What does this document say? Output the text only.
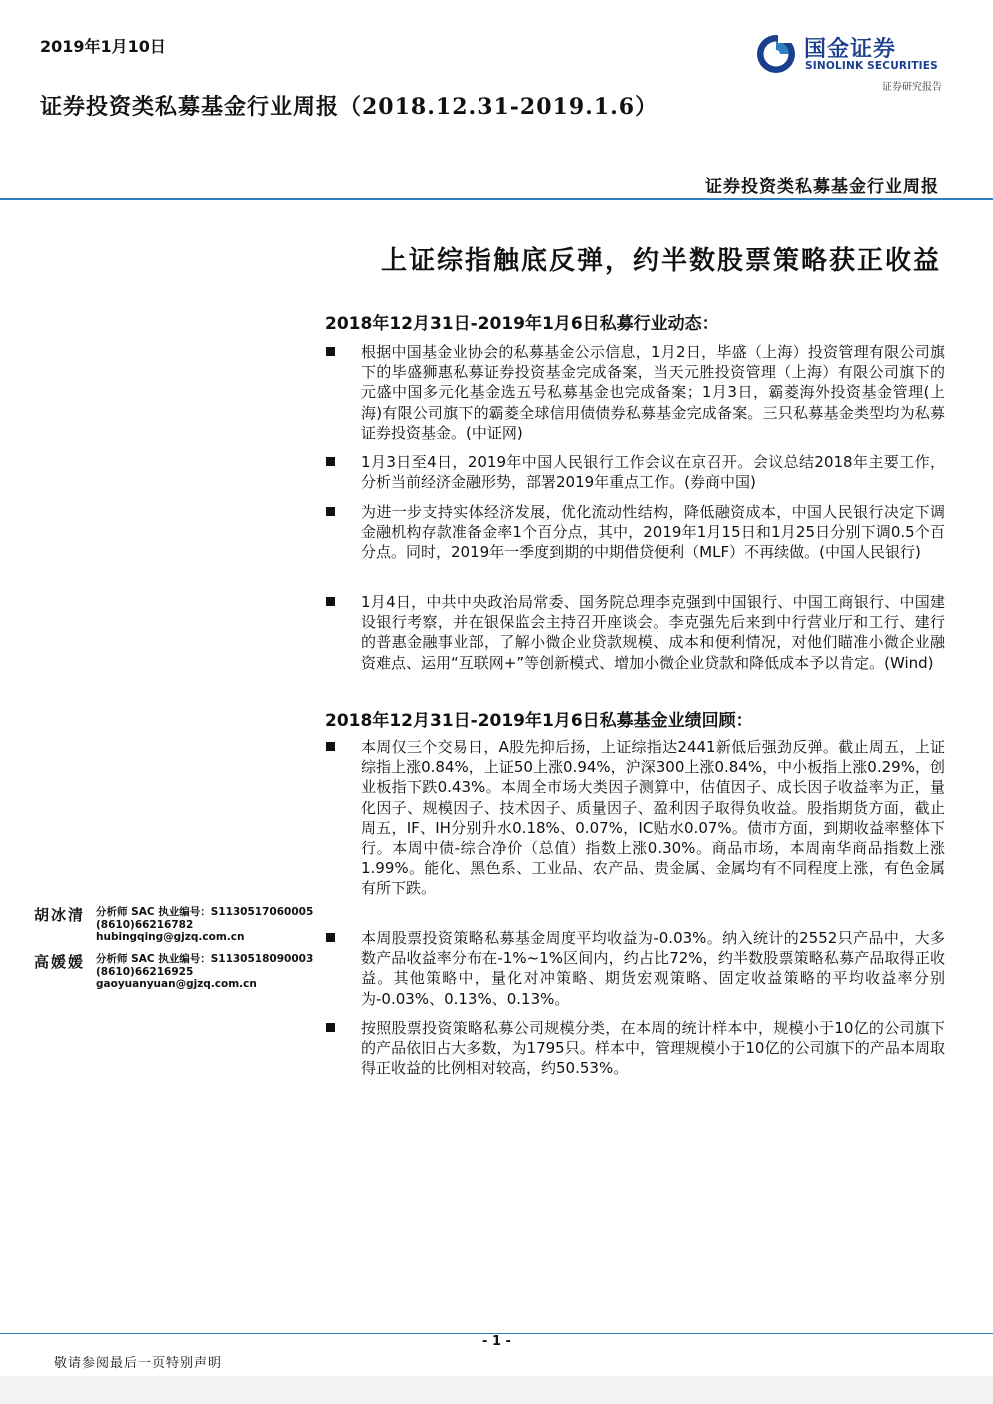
2019年1月10日
证券投资类私募基金行业周报（2018.12.31-2019.1.6）
国金证券
SINOLINK SECURITIES
证券研究报告
证券投资类私募基金行业周报
上证综指触底反弹，约半数股票策略获正收益
2018年12月31日-2019年1月6日私募行业动态：
根据中国基金业协会的私募基金公示信息，1月2日，毕盛（上海）投资管理有限公司旗下的毕盛狮惠私募证券投资基金完成备案，当天元胜投资管理（上海）有限公司旗下的元盛中国多元化基金选五号私募基金也完成备案；1月3日，霸菱海外投资基金管理(上海)有限公司旗下的霸菱全球信用债债券私募基金完成备案。三只私募基金类型均为私募证券投资基金。(中证网)
1月3日至4日，2019年中国人民银行工作会议在京召开。会议总结2018年主要工作，分析当前经济金融形势，部署2019年重点工作。(券商中国)
为进一步支持实体经济发展，优化流动性结构，降低融资成本，中国人民银行决定下调金融机构存款准备金率1个百分点，其中，2019年1月15日和1月25日分别下调0.5个百分点。同时，2019年一季度到期的中期借贷便利（MLF）不再续做。(中国人民银行)
1月4日，中共中央政治局常委、国务院总理李克强到中国银行、中国工商银行、中国建设银行考察，并在银保监会主持召开座谈会。李克强先后来到中行营业厅和工行、建行的普惠金融事业部，了解小微企业贷款规模、成本和便利情况，对他们瞄准小微企业融资难点、运用“互联网+”等创新模式、增加小微企业贷款和降低成本予以肯定。(Wind)
2018年12月31日-2019年1月6日私募基金业绩回顾：
本周仅三个交易日，A股先抑后扬，上证综指达2441新低后强劲反弹。截止周五，上证综指上涨0.84%，上证50上涨0.94%，沪深300上涨0.84%，中小板指上涨0.29%，创业板指下跌0.43%。本周全市场大类因子测算中，估值因子、成长因子收益率为正，量化因子、规模因子、技术因子、质量因子、盈利因子取得负收益。股指期货方面，截止周五，IF、IH分别升水0.18%、0.07%，IC贴水0.07%。债市方面，到期收益率整体下行。本周中债-综合净价（总值）指数上涨0.30%。商品市场，本周南华商品指数上涨1.99%。能化、黑色系、工业品、农产品、贵金属、金属均有不同程度上涨，有色金属有所下跌。
本周股票投资策略私募基金周度平均收益为-0.03%。纳入统计的2552只产品中，大多数产品收益率分布在-1%~1%区间内，约占比72%，约半数股票策略私募产品取得正收益。其他策略中，量化对冲策略、期货宏观策略、固定收益策略的平均收益率分别为-0.03%、0.13%、0.13%。
按照股票投资策略私募公司规模分类，在本周的统计样本中，规模小于10亿的公司旗下的产品依旧占大多数，为1795只。样本中，管理规模小于10亿的公司旗下的产品本周取得正收益的比例相对较高，约50.53%。
胡冰清 分析师 SAC 执业编号：S1130517060005
(8610)66216782
hubingqing@gjzq.com.cn
高媛媛 分析师 SAC 执业编号：S1130518090003
(8610)66216925
gaoyuanyuan@gjzq.com.cn
- 1 -
敬请参阅最后一页特别声明
